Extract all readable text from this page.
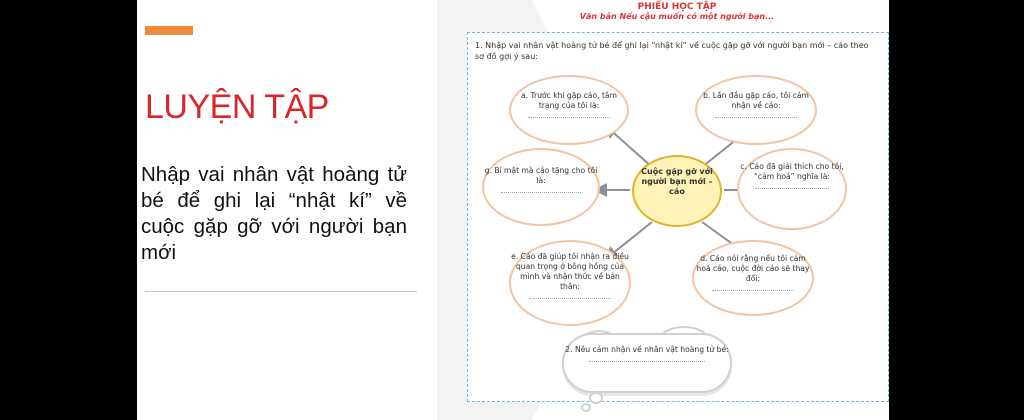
LUYỆN TẬP
Nhập vai nhân vật hoàng tử bé để ghi lại “nhật kí” về cuộc gặp gỡ với người bạn mới
PHIẾU HỌC TẬP
Văn bản Nếu cậu muốn có một người bạn...
1. Nhập vai nhân vật hoàng tử bé để ghi lại “nhật kí” về cuộc gặp gỡ với người bạn mới – cáo theo sơ đồ gợi ý sau:
a. Trước khi gặp cáo, tâm trạng của tôi là:
b. Lần đầu gặp cáo, tôi cảm nhận về cáo:
c. Cáo đã giải thích cho tôi, “cảm hoá” nghĩa là:
d. Cáo nói rằng nếu tôi cảm hoá cáo, cuộc đời cáo sẽ thay đổi:
e. Cáo đã giúp tôi nhận ra điều quan trọng ở bông hồng của mình và nhận thức về bản thân:
g. Bí mật mà cáo tặng cho tôi là:
Cuộc gặp gỡ với người bạn mới – cáo
2. Nêu cảm nhận về nhân vật hoàng tử bé:
